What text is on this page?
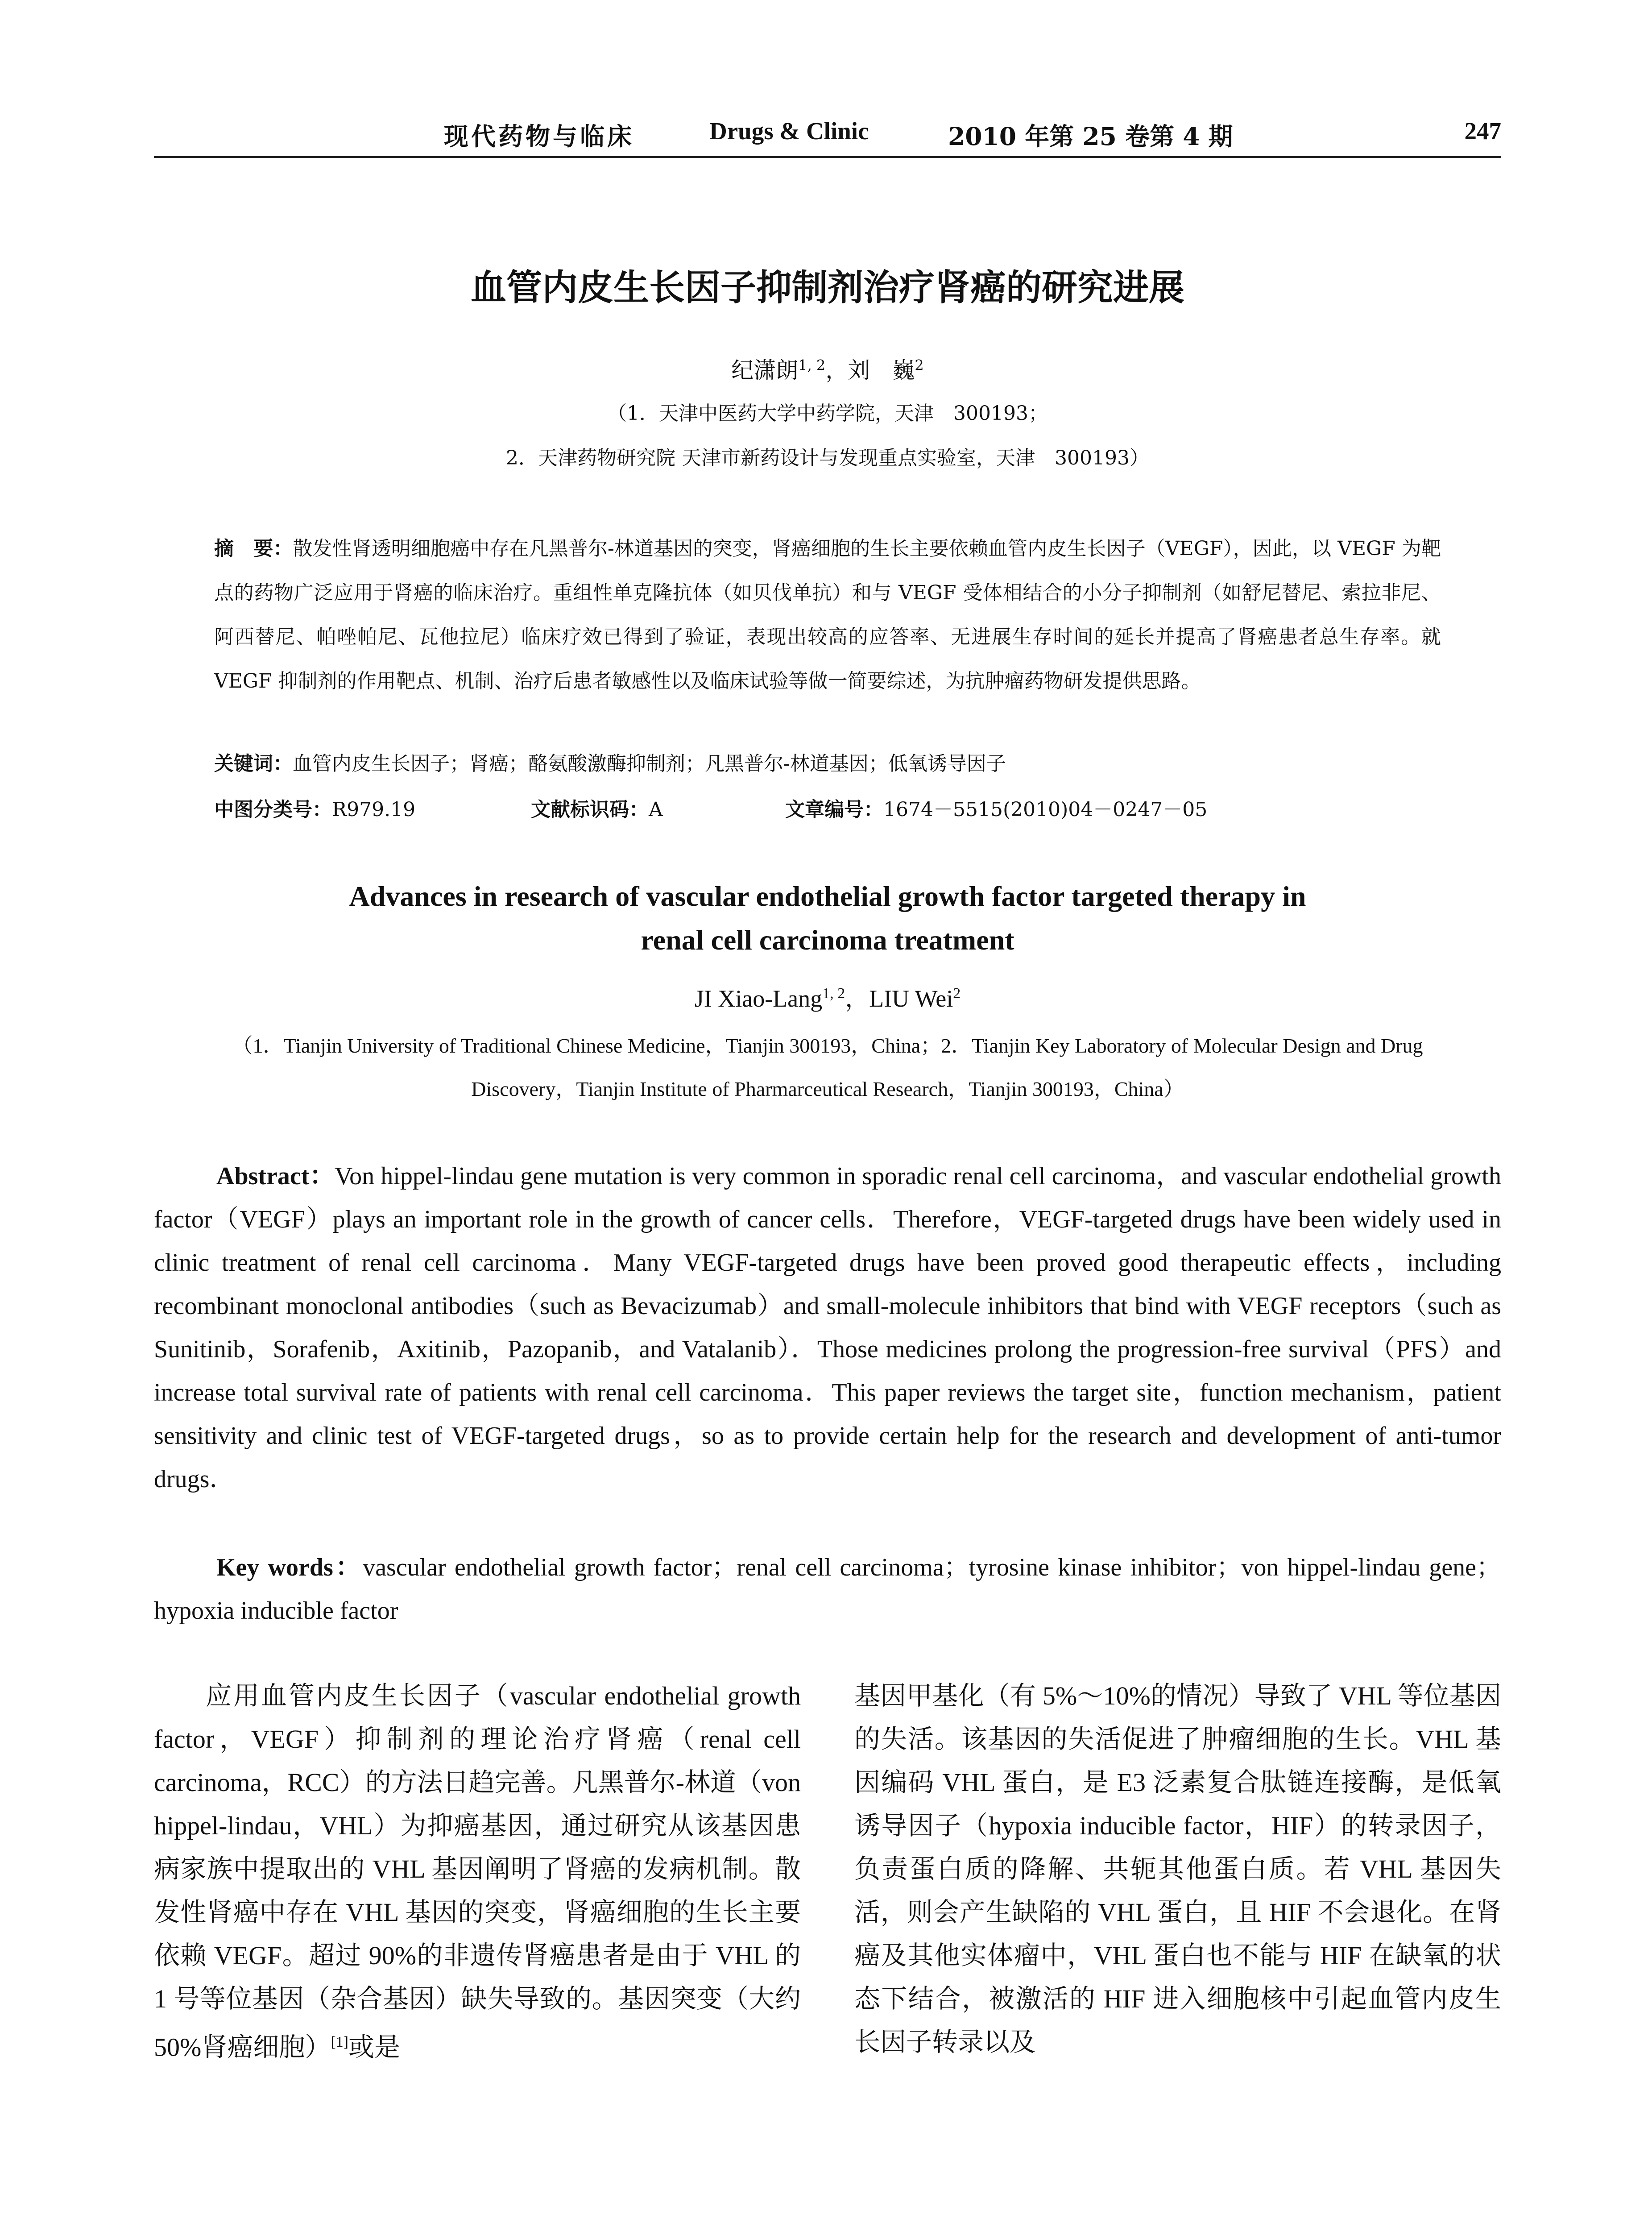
现代药物与临床	Drugs & Clinic	2010 年第 25 卷第 4 期	247
血管内皮生长因子抑制剂治疗肾癌的研究进展
纪潇朗$^{1, 2}$，刘　巍$^2$
（1．天津中医药大学中药学院，天津　300193；
2．天津药物研究院 天津市新药设计与发现重点实验室，天津　300193）
摘　要：散发性肾透明细胞癌中存在凡黑普尔-林道基因的突变，肾癌细胞的生长主要依赖血管内皮生长因子（VEGF），因此，以 VEGF 为靶点的药物广泛应用于肾癌的临床治疗。重组性单克隆抗体（如贝伐单抗）和与 VEGF 受体相结合的小分子抑制剂（如舒尼替尼、索拉非尼、阿西替尼、帕唑帕尼、瓦他拉尼）临床疗效已得到了验证，表现出较高的应答率、无进展生存时间的延长并提高了肾癌患者总生存率。就 VEGF 抑制剂的作用靶点、机制、治疗后患者敏感性以及临床试验等做一简要综述，为抗肿瘤药物研发提供思路。
关键词：血管内皮生长因子；肾癌；酪氨酸激酶抑制剂；凡黑普尔-林道基因；低氧诱导因子
中图分类号：R979.19	文献标识码：A	文章编号：1674－5515(2010)04－0247－05
Advances in research of vascular endothelial growth factor targeted therapy in
renal cell carcinoma treatment
JI Xiao-Lang$^{1, 2}$，LIU Wei$^2$
（1．Tianjin University of Traditional Chinese Medicine，Tianjin 300193，China；2．Tianjin Key Laboratory of Molecular Design and Drug Discovery，Tianjin Institute of Pharmarceutical Research，Tianjin 300193，China）
Abstract：Von hippel-lindau gene mutation is very common in sporadic renal cell carcinoma，and vascular endothelial growth factor（VEGF）plays an important role in the growth of cancer cells．Therefore，VEGF-targeted drugs have been widely used in clinic treatment of renal cell carcinoma．Many VEGF-targeted drugs have been proved good therapeutic effects，including recombinant monoclonal antibodies（such as Bevacizumab）and small-molecule inhibitors that bind with VEGF receptors（such as Sunitinib，Sorafenib，Axitinib，Pazopanib，and Vatalanib）．Those medicines prolong the progression-free survival（PFS）and increase total survival rate of patients with renal cell carcinoma．This paper reviews the target site，function mechanism，patient sensitivity and clinic test of VEGF-targeted drugs，so as to provide certain help for the research and development of anti-tumor drugs．
Key words：vascular endothelial growth factor；renal cell carcinoma；tyrosine kinase inhibitor；von hippel-lindau gene；hypoxia inducible factor
应用血管内皮生长因子（vascular endothelial growth factor，VEGF）抑制剂的理论治疗肾癌（renal cell carcinoma，RCC）的方法日趋完善。凡黑普尔-林道（von hippel-lindau，VHL）为抑癌基因，通过研究从该基因患病家族中提取出的 VHL 基因阐明了肾癌的发病机制。散发性肾癌中存在 VHL 基因的突变，肾癌细胞的生长主要依赖 VEGF。超过 90%的非遗传肾癌患者是由于 VHL 的 1 号等位基因（杂合基因）缺失导致的。基因突变（大约 50%肾癌细胞）[1]或是
基因甲基化（有 5%～10%的情况）导致了 VHL 等位基因的失活。该基因的失活促进了肿瘤细胞的生长。VHL 基因编码 VHL 蛋白，是 E3 泛素复合肽链连接酶，是低氧诱导因子（hypoxia inducible factor，HIF）的转录因子，负责蛋白质的降解、共轭其他蛋白质。若 VHL 基因失活，则会产生缺陷的 VHL 蛋白，且 HIF 不会退化。在肾癌及其他实体瘤中，VHL 蛋白也不能与 HIF 在缺氧的状态下结合，被激活的 HIF 进入细胞核中引起血管内皮生长因子转录以及
